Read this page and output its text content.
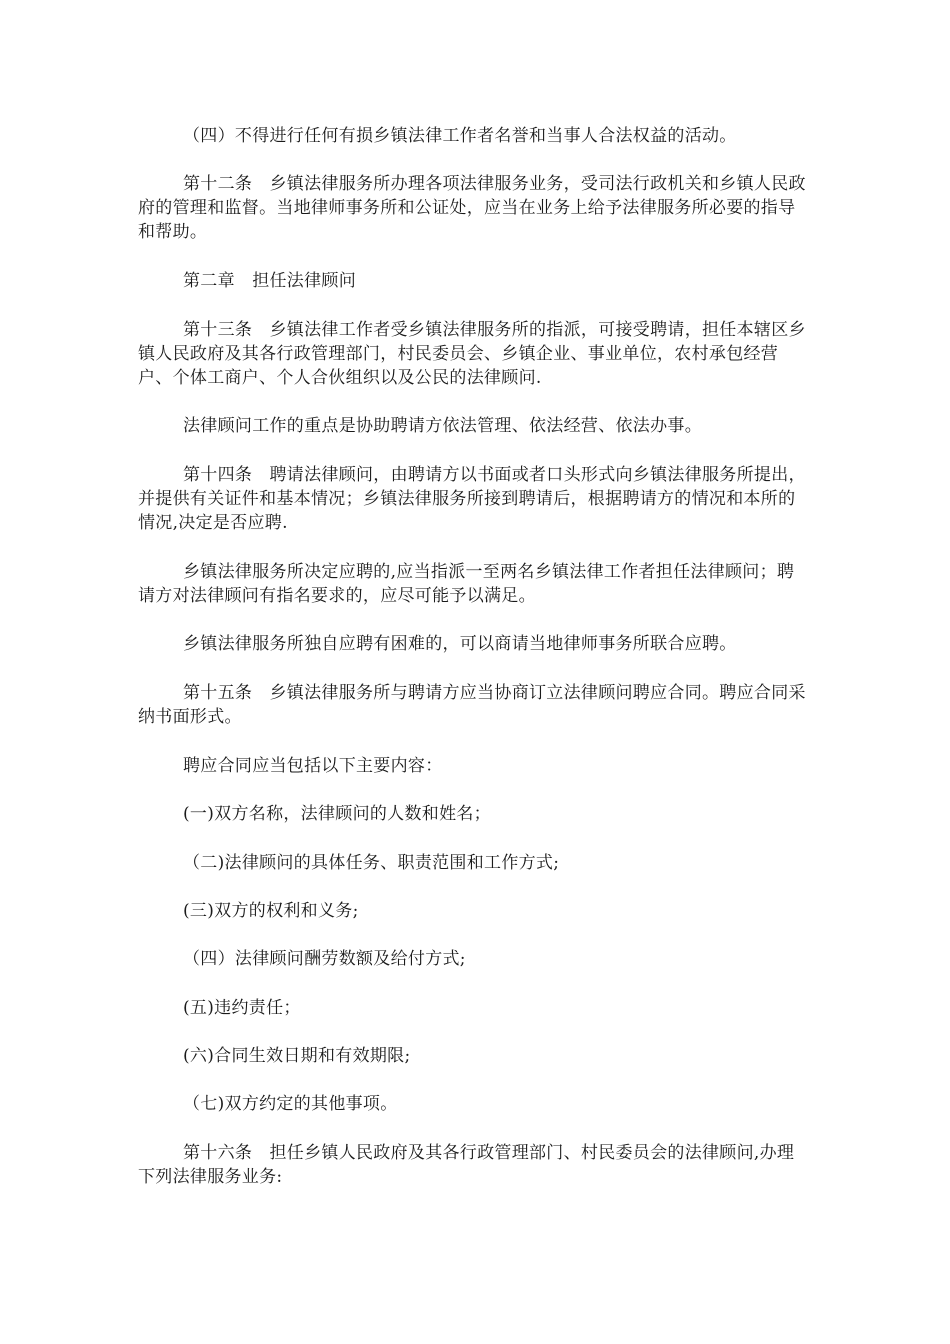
（四）不得进行任何有损乡镇法律工作者名誉和当事人合法权益的活动。

第十二条　乡镇法律服务所办理各项法律服务业务，受司法行政机关和乡镇人民政府的管理和监督。当地律师事务所和公证处，应当在业务上给予法律服务所必要的指导和帮助。

第二章　担任法律顾问

第十三条　乡镇法律工作者受乡镇法律服务所的指派，可接受聘请，担任本辖区乡镇人民政府及其各行政管理部门，村民委员会、乡镇企业、事业单位，农村承包经营户、个体工商户、个人合伙组织以及公民的法律顾问.

法律顾问工作的重点是协助聘请方依法管理、依法经营、依法办事。

第十四条　聘请法律顾问，由聘请方以书面或者口头形式向乡镇法律服务所提出，并提供有关证件和基本情况；乡镇法律服务所接到聘请后，根据聘请方的情况和本所的情况,决定是否应聘.

乡镇法律服务所决定应聘的,应当指派一至两名乡镇法律工作者担任法律顾问；聘请方对法律顾问有指名要求的，应尽可能予以满足。

乡镇法律服务所独自应聘有困难的，可以商请当地律师事务所联合应聘。

第十五条　乡镇法律服务所与聘请方应当协商订立法律顾问聘应合同。聘应合同采纳书面形式。

聘应合同应当包括以下主要内容：

(一)双方名称，法律顾问的人数和姓名；

（二)法律顾问的具体任务、职责范围和工作方式;

(三)双方的权利和义务;

（四）法律顾问酬劳数额及给付方式;

(五)违约责任；

(六)合同生效日期和有效期限;

（七)双方约定的其他事项。

第十六条　担任乡镇人民政府及其各行政管理部门、村民委员会的法律顾问,办理下列法律服务业务:
